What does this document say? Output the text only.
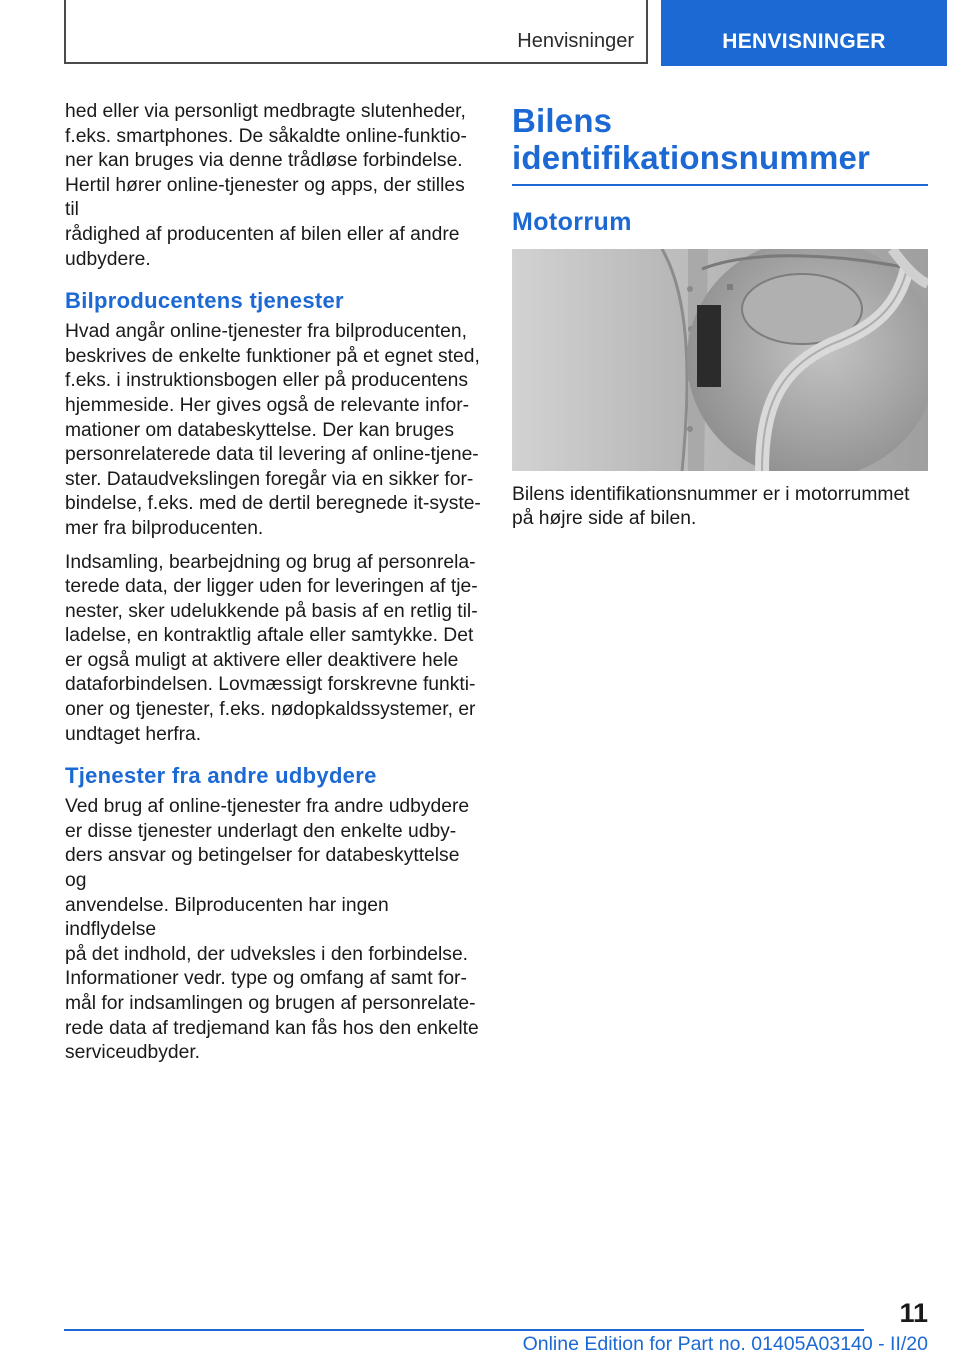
Henvisninger	HENVISNINGER

hed eller via personligt medbragte slutenheder,
f.eks. smartphones. De såkaldte online-funktio-
ner kan bruges via denne trådløse forbindelse.
Hertil hører online-tjenester og apps, der stilles til
rådighed af producenten af bilen eller af andre
udbydere.

Bilproducentens tjenester

Hvad angår online-tjenester fra bilproducenten,
beskrives de enkelte funktioner på et egnet sted,
f.eks. i instruktionsbogen eller på producentens
hjemmeside. Her gives også de relevante infor-
mationer om databeskyttelse. Der kan bruges
personrelaterede data til levering af online-tjene-
ster. Dataudvekslingen foregår via en sikker for-
bindelse, f.eks. med de dertil beregnede it-syste-
mer fra bilproducenten.

Indsamling, bearbejdning og brug af personrela-
terede data, der ligger uden for leveringen af tje-
nester, sker udelukkende på basis af en retlig til-
ladelse, en kontraktlig aftale eller samtykke. Det
er også muligt at aktivere eller deaktivere hele
dataforbindelsen. Lovmæssigt forskrevne funkti-
oner og tjenester, f.eks. nødopkaldssystemer, er
undtaget herfra.

Tjenester fra andre udbydere

Ved brug af online-tjenester fra andre udbydere
er disse tjenester underlagt den enkelte udby-
ders ansvar og betingelser for databeskyttelse og
anvendelse. Bilproducenten har ingen indflydelse
på det indhold, der udveksles i den forbindelse.
Informationer vedr. type og omfang af samt for-
mål for indsamlingen og brugen af personrelate-
rede data af tredjemand kan fås hos den enkelte
serviceudbyder.

Bilens
identifikationsnummer
Motorrum

Bilens identifikationsnummer er i motorrummet
på højre side af bilen.

11
Online Edition for Part no. 01405A03140 - II/20
